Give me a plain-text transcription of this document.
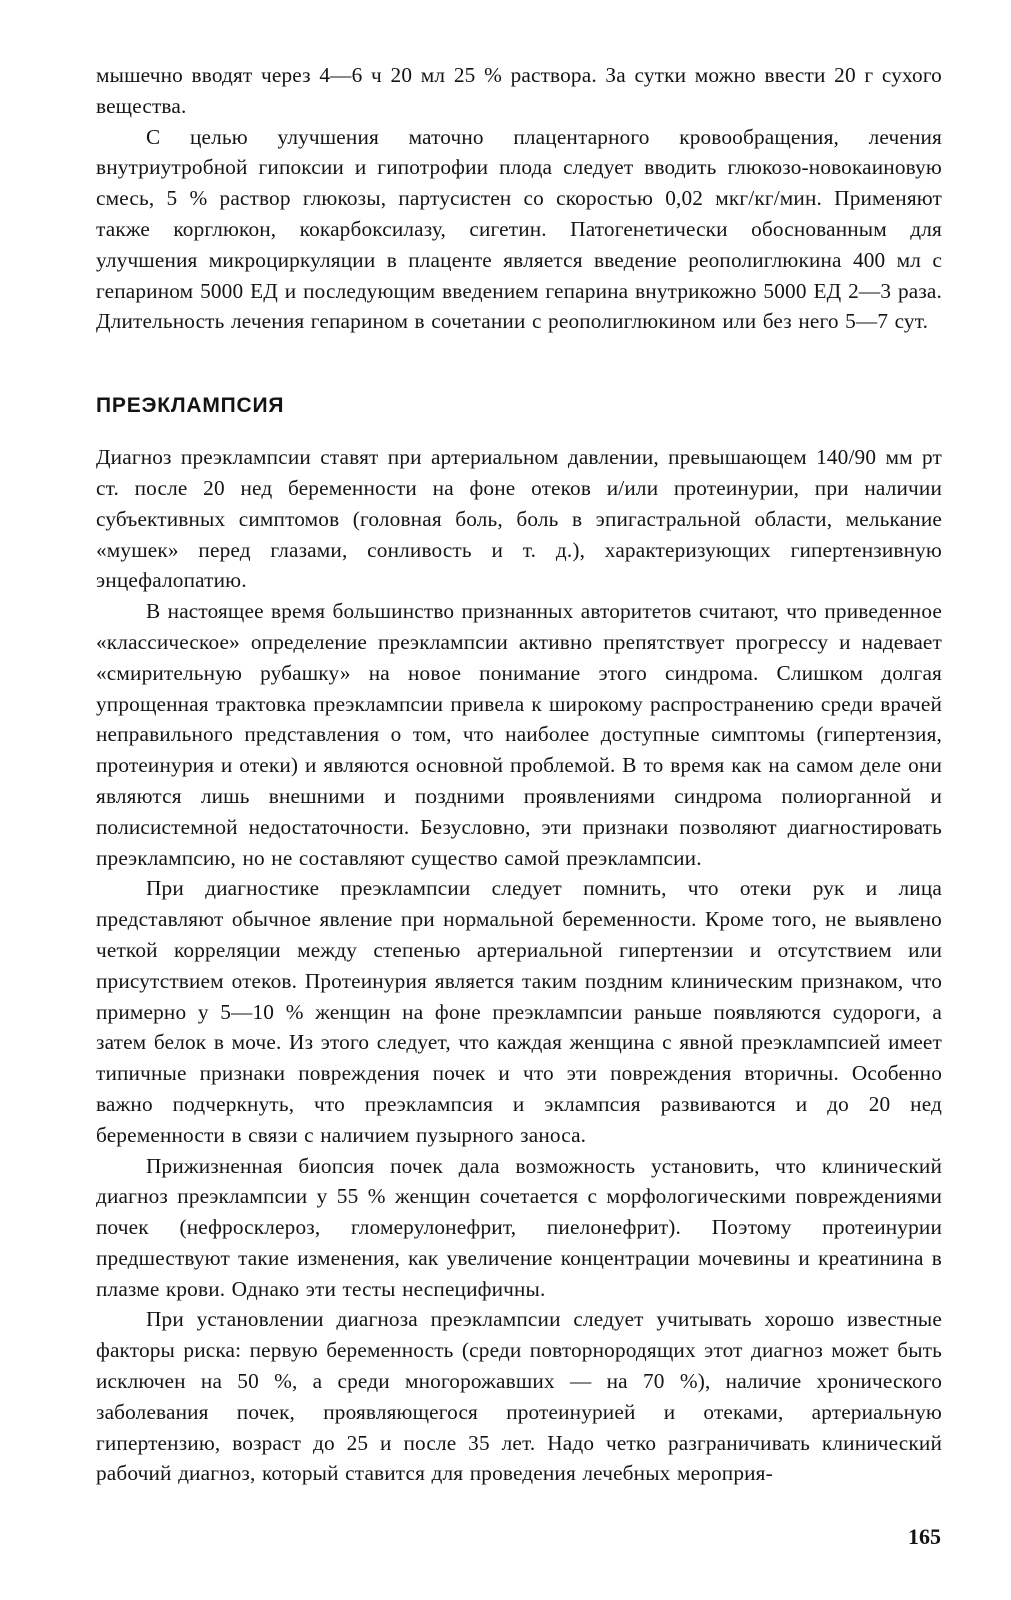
мышечно вводят через 4—6 ч 20 мл 25 % раствора. За сутки можно ввести 20 г сухого вещества.

С целью улучшения маточно плацентарного кровообращения, лечения внутриутробной гипоксии и гипотрофии плода следует вводить глюкозо-новокаиновую смесь, 5 % раствор глюкозы, партусистен со скоростью 0,02 мкг/кг/мин. Применяют также корглюкон, кокарбоксилазу, сигетин. Патогенетически обоснованным для улучшения микроциркуляции в плаценте является введение реополиглюкина 400 мл с гепарином 5000 ЕД и последующим введением гепарина внутрикожно 5000 ЕД 2—3 раза. Длительность лечения гепарином в сочетании с реополиглюкином или без него 5—7 сут.

ПРЕЭКЛАМПСИЯ

Диагноз преэклампсии ставят при артериальном давлении, превышающем 140/90 мм рт ст. после 20 нед беременности на фоне отеков и/или протеинурии, при наличии субъективных симптомов (головная боль, боль в эпигастральной области, мелькание «мушек» перед глазами, сонливость и т. д.), характеризующих гипертензивную энцефалопатию.

В настоящее время большинство признанных авторитетов считают, что приведенное «классическое» определение преэклампсии активно препятствует прогрессу и надевает «смирительную рубашку» на новое понимание этого синдрома. Слишком долгая упрощенная трактовка преэклампсии привела к широкому распространению среди врачей неправильного представления о том, что наиболее доступные симптомы (гипертензия, протеинурия и отеки) и являются основной проблемой. В то время как на самом деле они являются лишь внешними и поздними проявлениями синдрома полиорганной и полисистемной недостаточности. Безусловно, эти признаки позволяют диагностировать преэклампсию, но не составляют существо самой преэклампсии.

При диагностике преэклампсии следует помнить, что отеки рук и лица представляют обычное явление при нормальной беременности. Кроме того, не выявлено четкой корреляции между степенью артериальной гипертензии и отсутствием или присутствием отеков. Протеинурия является таким поздним клиническим признаком, что примерно у 5—10 % женщин на фоне преэклампсии раньше появляются судороги, а затем белок в моче. Из этого следует, что каждая женщина с явной преэклампсией имеет типичные признаки повреждения почек и что эти повреждения вторичны. Особенно важно подчеркнуть, что преэклампсия и эклампсия развиваются и до 20 нед беременности в связи с наличием пузырного заноса.

Прижизненная биопсия почек дала возможность установить, что клинический диагноз преэклампсии у 55 % женщин сочетается с морфологическими повреждениями почек (нефросклероз, гломерулонефрит, пиелонефрит). Поэтому протеинурии предшествуют такие изменения, как увеличение концентрации мочевины и креатинина в плазме крови. Однако эти тесты неспецифичны.

При установлении диагноза преэклампсии следует учитывать хорошо известные факторы риска: первую беременность (среди повторнородящих этот диагноз может быть исключен на 50 %, а среди многорожавших — на 70 %), наличие хронического заболевания почек, проявляющегося протеинурией и отеками, артериальную гипертензию, возраст до 25 и после 35 лет. Надо четко разграничивать клинический рабочий диагноз, который ставится для проведения лечебных мероприя-

165
